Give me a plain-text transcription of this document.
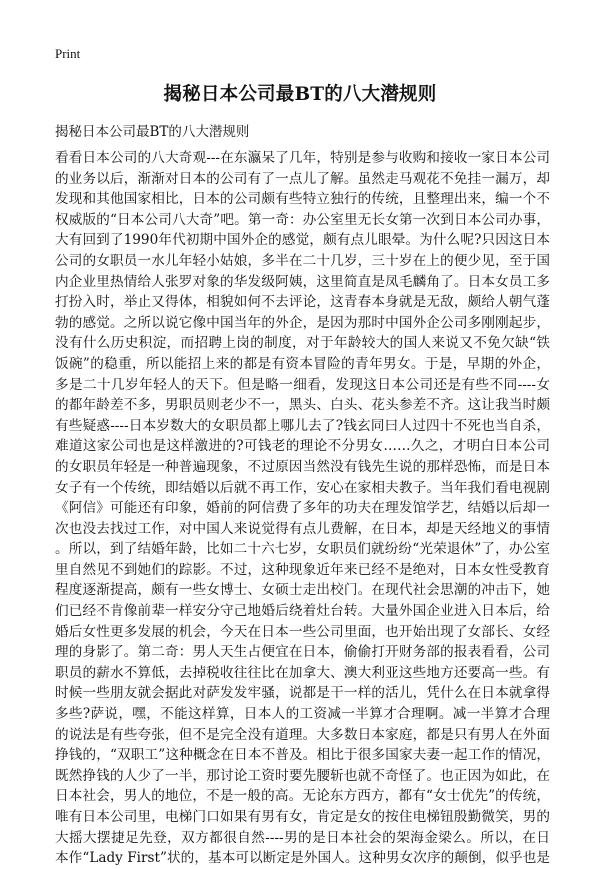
Print
揭秘日本公司最BT的八大潜规则
揭秘日本公司最BT的八大潜规则
看看日本公司的八大奇观---在东瀛呆了几年，特别是参与收购和接收一家日本公司
的业务以后，渐渐对日本的公司有了一点儿了解。虽然走马观花不免挂一漏万，却
发现和其他国家相比，日本的公司颇有些特立独行的传统，且整理出来，编一个不
权威版的“日本公司八大奇”吧。第一奇：办公室里无长女第一次到日本公司办事，
大有回到了1990年代初期中国外企的感觉，颇有点儿眼晕。为什么呢?只因这日本
公司的女职员一水儿年轻小姑娘，多半在二十几岁，三十岁在上的便少见，至于国
内企业里热情给人张罗对象的华发级阿姨，这里简直是凤毛麟角了。日本女员工多
打扮入时，举止又得体，相貌如何不去评论，这青春本身就是无敌，颇给人朝气蓬
勃的感觉。之所以说它像中国当年的外企，是因为那时中国外企公司多刚刚起步，
没有什么历史积淀，而招聘上岗的制度，对于年龄较大的国人来说又不免欠缺“铁
饭碗”的稳重，所以能招上来的都是有资本冒险的青年男女。于是，早期的外企，
多是二十几岁年轻人的天下。但是略一细看，发现这日本公司还是有些不同----女
的都年龄差不多，男职员则老少不一，黑头、白头、花头参差不齐。这让我当时颇
有些疑惑----日本岁数大的女职员都上哪儿去了?钱玄同曰人过四十不死也当自杀，
难道这家公司也是这样激进的?可钱老的理论不分男女……久之，才明白日本公司
的女职员年轻是一种普遍现象，不过原因当然没有钱先生说的那样恐怖，而是日本
女子有一个传统，即结婚以后就不再工作，安心在家相夫教子。当年我们看电视剧
《阿信》可能还有印象，婚前的阿信费了多年的功夫在理发馆学艺，结婚以后却一
次也没去找过工作，对中国人来说觉得有点儿费解，在日本，却是天经地义的事情
。所以，到了结婚年龄，比如二十六七岁，女职员们就纷纷“光荣退休”了，办公室
里自然见不到她们的踪影。不过，这种现象近年来已经不是绝对，日本女性受教育
程度逐渐提高，颇有一些女博士、女硕士走出校门。在现代社会思潮的冲击下，她
们已经不肯像前辈一样安分守己地婚后绕着灶台转。大量外国企业进入日本后，给
婚后女性更多发展的机会，今天在日本一些公司里面，也开始出现了女部长、女经
理的身影了。第二奇：男人天生占便宜在日本，偷偷打开财务部的报表看看，公司
职员的薪水不算低，去掉税收往往比在加拿大、澳大利亚这些地方还要高一些。有
时候一些朋友就会据此对萨发发牢骚，说都是干一样的活儿，凭什么在日本就拿得
多些?萨说，嘿，不能这样算，日本人的工资减一半算才合理啊。减一半算才合理
的说法是有些夸张，但不是完全没有道理。大多数日本家庭，都是只有男人在外面
挣钱的，“双职工”这种概念在日本不普及。相比于很多国家夫妻一起工作的情况，
既然挣钱的人少了一半，那讨论工资时要先腰斩也就不奇怪了。也正因为如此，在
日本社会，男人的地位，不是一般的高。无论东方西方，都有“女士优先”的传统，
唯有日本公司里，电梯门口如果有男有女，肯定是女的按住电梯钮殷勤微笑，男的
大摇大摆捷足先登，双方都很自然----男的是日本社会的架海金梁么。所以，在日
本作“Lady First”状的，基本可以断定是外国人。这种男女次序的颠倒，似乎也是
